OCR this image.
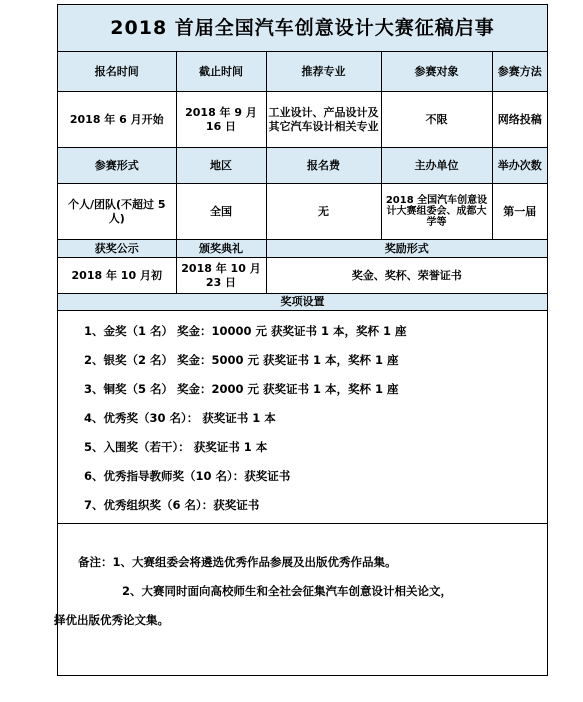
2018 首届全国汽车创意设计大赛征稿启事				
报名时间	截止时间	推荐专业	参赛对象	参赛方法
2018 年 6 月开始	2018 年 9 月 16 日	工业设计、产品设计及其它汽车设计相关专业	不限	网络投稿
参赛形式	地区	报名费	主办单位	举办次数
个人/团队(不超过 5 人)	全国	无	2018 全国汽车创意设计大赛组委会、成都大学等	第一届
获奖公示	颁奖典礼	奖励形式		
2018 年 10 月初	2018 年 10 月 23 日	奖金、奖杯、荣誉证书		
奖项设置				
1、金奖（1 名） 奖金：10000 元 获奖证书 1 本，奖杯 1 座
2、银奖（2 名） 奖金：5000 元 获奖证书 1 本，奖杯 1 座
3、铜奖（5 名） 奖金：2000 元 获奖证书 1 本，奖杯 1 座
4、优秀奖（30 名）： 获奖证书 1 本
5、入围奖（若干）： 获奖证书 1 本
6、优秀指导教师奖（10 名）：获奖证书
7、优秀组织奖（6 名）：获奖证书
备注：1、大赛组委会将遴选优秀作品参展及出版优秀作品集。
2、大赛同时面向高校师生和全社会征集汽车创意设计相关论文，
择优出版优秀论文集。
